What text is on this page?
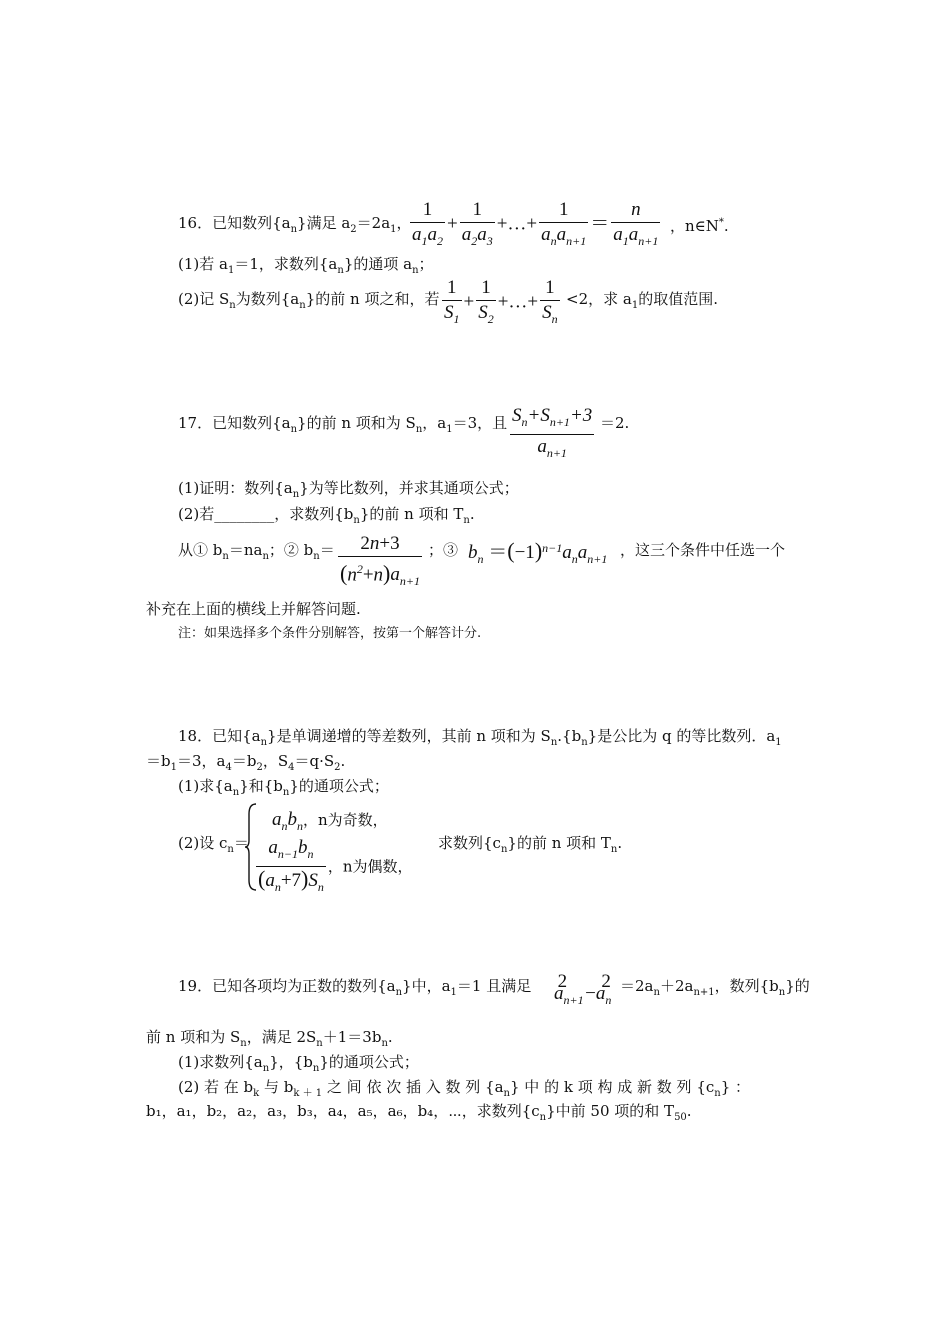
16．已知数列$\{a_n\}$满足 $a_2=2a_1$，
$\frac{1}{a_1a_2} + \frac{1}{a_2a_3}$ +…+ $\frac{1}{a_na_{n+1}} = \frac{n}{a_1a_{n+1}}$ ，n∈N*.
(1)若 $a_1=1$，求数列$\{a_n\}$的通项 $a_n$；
(2)记 $S_n$为数列$\{a_n\}$的前 n 项之和，若 $\frac{1}{S_1} + \frac{1}{S_2}$ +…+ $\frac{1}{S_n} <2$，求 $a_1$的取值范围.
17．已知数列$\{a_n\}$的前 n 项和为 $S_n$，$a_1=3$，且 $\frac{S_n+S_{n+1}+3}{a_{n+1}} =2$.
(1)证明：数列$\{a_n\}$为等比数列，并求其通项公式；
(2)若________，求数列$\{b_n\}$的前 n 项和 $T_n$.
从① $b_n=na_n$；② $b_n= \frac{2n+3}{(n^2+n)a_{n+1}}$ ；③ $b_n =(-1)^{n-1}a_na_{n+1}$ ，这三个条件中任选一个
补充在上面的横线上并解答问题.
注：如果选择多个条件分别解答，按第一个解答计分.
18．已知$\{a_n\}$是单调递增的等差数列，其前 n 项和为 $S_n.\{b_n\}$是公比为 q 的等比数列．$a_1$
$=b_1=3$，$a_4=b_2$，$S_4=q\cdot S_2$.
(1)求$\{a_n\}$和$\{b_n\}$的通项公式；
(2)设 $c_n=$
$a_nb_n$，n为奇数，
$\frac{a_{n-1}b_n}{(a_n+7)S_n}$ ，n为偶数，
求数列$\{c_n\}$的前 n 项和 $T_n$.
19．已知各项均为正数的数列$\{a_n\}$中，$a_1=1$ 且满足 $a_{n+1}^2-a_n^2 =2a_n+2a_{n+1}$，数列$\{b_n\}$的
前 n 项和为 $S_n$，满足 $2S_n+1=3b_n$.
(1)求数列$\{a_n\}$，$\{b_n\}$的通项公式；
(2) 若 在 $b_k$ 与 $b_{k + 1}$ 之 间 依 次 插 入 数 列 $\{a_n\}$ 中 的 k 项 构 成 新 数 列 $\{c_n\}$ ：
b₁，a₁，b₂，a₂，a₃，b₃，a₄，a₅，a₆，b₄，⋯，求数列$\{c_n\}$中前 50 项的和 $T_{50}$.
